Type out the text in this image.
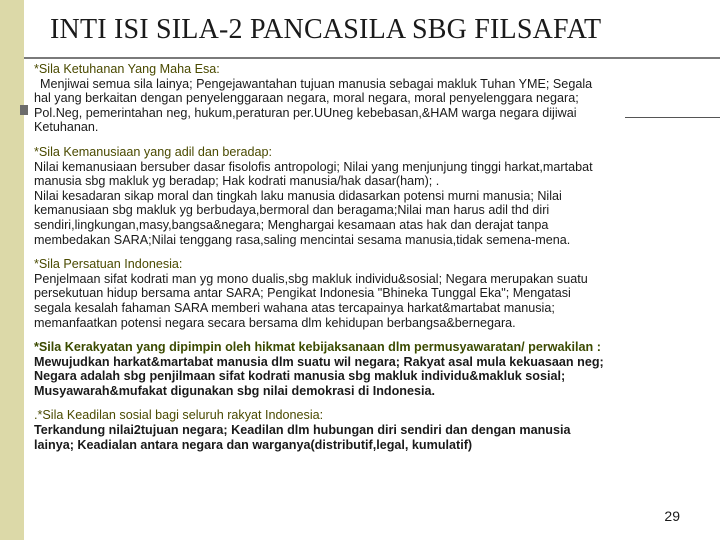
INTI ISI SILA-2 PANCASILA SBG FILSAFAT
*Sila Ketuhanan Yang Maha Esa:
Menjiwai semua sila lainya; Pengejawantahan tujuan manusia sebagai makluk Tuhan YME; Segala
hal yang berkaitan dengan penyelenggaraan negara, moral negara, moral penyelenggara negara;
Pol.Neg, pemerintahan neg, hukum,peraturan per.UUneg kebebasan,&HAM warga negara dijiwai
Ketuhanan.
*Sila Kemanusiaan yang adil dan beradap:
Nilai kemanusiaan bersuber dasar fisolofis antropologi; Nilai yang menjunjung tinggi harkat,martabat
manusia sbg makluk yg beradap; Hak kodrati manusia/hak dasar(ham); .
Nilai kesadaran sikap moral dan tingkah laku manusia didasarkan potensi murni manusia; Nilai
kemanusiaan sbg makluk yg berbudaya,bermoral dan beragama;Nilai man harus adil thd diri
sendiri,lingkungan,masy,bangsa&negara; Menghargai kesamaan atas hak dan derajat tanpa
membedakan SARA;Nilai tenggang rasa,saling mencintai sesama manusia,tidak semena-mena.
*Sila Persatuan Indonesia:
Penjelmaan sifat kodrati man yg mono dualis,sbg makluk individu&sosial; Negara merupakan suatu
persekutuan hidup bersama antar SARA; Pengikat Indonesia "Bhineka Tunggal Eka"; Mengatasi
segala kesalah fahaman SARA memberi wahana atas tercapainya harkat&martabat manusia;
memanfaatkan potensi negara secara bersama dlm kehidupan berbangsa&bernegara.
*Sila Kerakyatan yang dipimpin oleh hikmat kebijaksanaan dlm permusyawaratan/ perwakilan :
Mewujudkan harkat&martabat manusia dlm suatu wil negara; Rakyat asal mula kekuasaan neg;
Negara adalah sbg penjilmaan sifat kodrati manusia sbg makluk individu&makluk sosial;
Musyawarah&mufakat digunakan sbg nilai demokrasi di Indonesia.
.*Sila Keadilan sosial bagi seluruh rakyat Indonesia:
Terkandung nilai2tujuan negara; Keadilan dlm hubungan diri sendiri dan dengan manusia
lainya; Keadialan antara negara dan warganya(distributif,legal, kumulatif)
29
